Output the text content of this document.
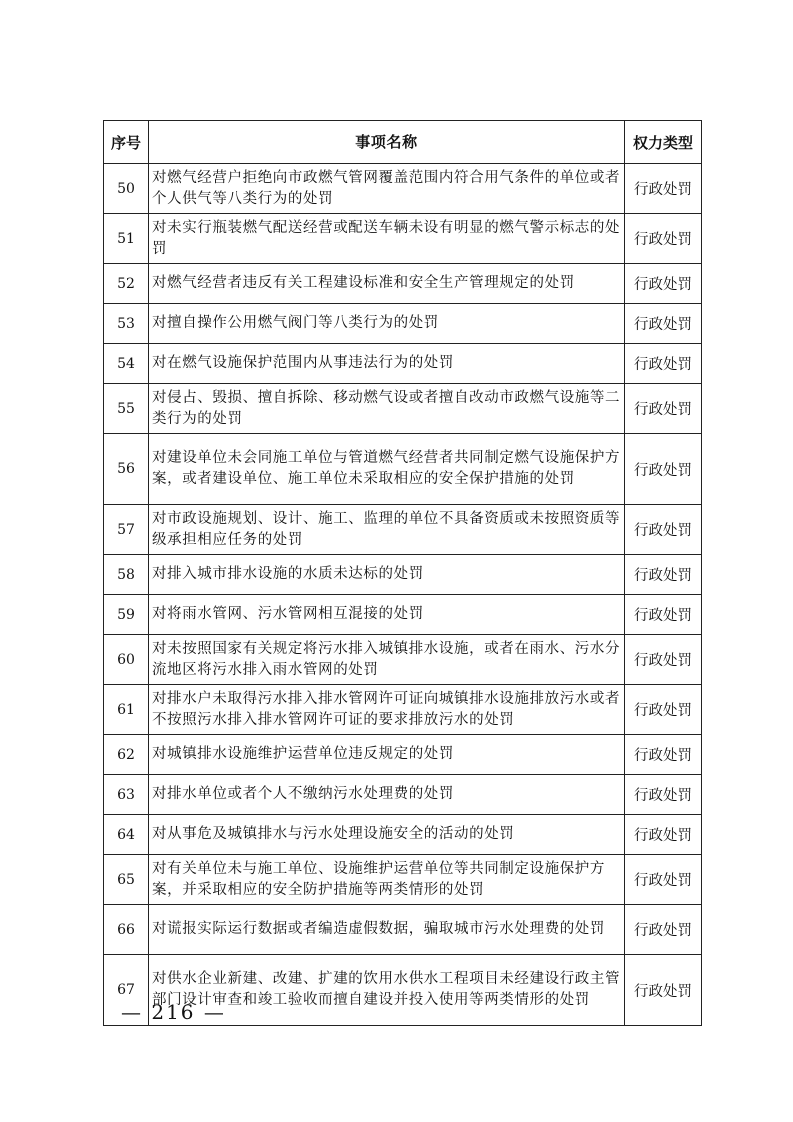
序号	事项名称	权力类型
50	对燃气经营户拒绝向市政燃气管网覆盖范围内符合用气条件的单位或者个人供气等八类行为的处罚	行政处罚
51	对未实行瓶装燃气配送经营或配送车辆未设有明显的燃气警示标志的处罚	行政处罚
52	对燃气经营者违反有关工程建设标准和安全生产管理规定的处罚	行政处罚
53	对擅自操作公用燃气阀门等八类行为的处罚	行政处罚
54	对在燃气设施保护范围内从事违法行为的处罚	行政处罚
55	对侵占、毁损、擅自拆除、移动燃气设或者擅自改动市政燃气设施等二类行为的处罚	行政处罚
56	对建设单位未会同施工单位与管道燃气经营者共同制定燃气设施保护方案，或者建设单位、施工单位未采取相应的安全保护措施的处罚	行政处罚
57	对市政设施规划、设计、施工、监理的单位不具备资质或未按照资质等级承担相应任务的处罚	行政处罚
58	对排入城市排水设施的水质未达标的处罚	行政处罚
59	对将雨水管网、污水管网相互混接的处罚	行政处罚
60	对未按照国家有关规定将污水排入城镇排水设施，或者在雨水、污水分流地区将污水排入雨水管网的处罚	行政处罚
61	对排水户未取得污水排入排水管网许可证向城镇排水设施排放污水或者不按照污水排入排水管网许可证的要求排放污水的处罚	行政处罚
62	对城镇排水设施维护运营单位违反规定的处罚	行政处罚
63	对排水单位或者个人不缴纳污水处理费的处罚	行政处罚
64	对从事危及城镇排水与污水处理设施安全的活动的处罚	行政处罚
65	对有关单位未与施工单位、设施维护运营单位等共同制定设施保护方案，并采取相应的安全防护措施等两类情形的处罚	行政处罚
66	对谎报实际运行数据或者编造虚假数据，骗取城市污水处理费的处罚	行政处罚
67	对供水企业新建、改建、扩建的饮用水供水工程项目未经建设行政主管部门设计审查和竣工验收而擅自建设并投入使用等两类情形的处罚	行政处罚
— 216 —
